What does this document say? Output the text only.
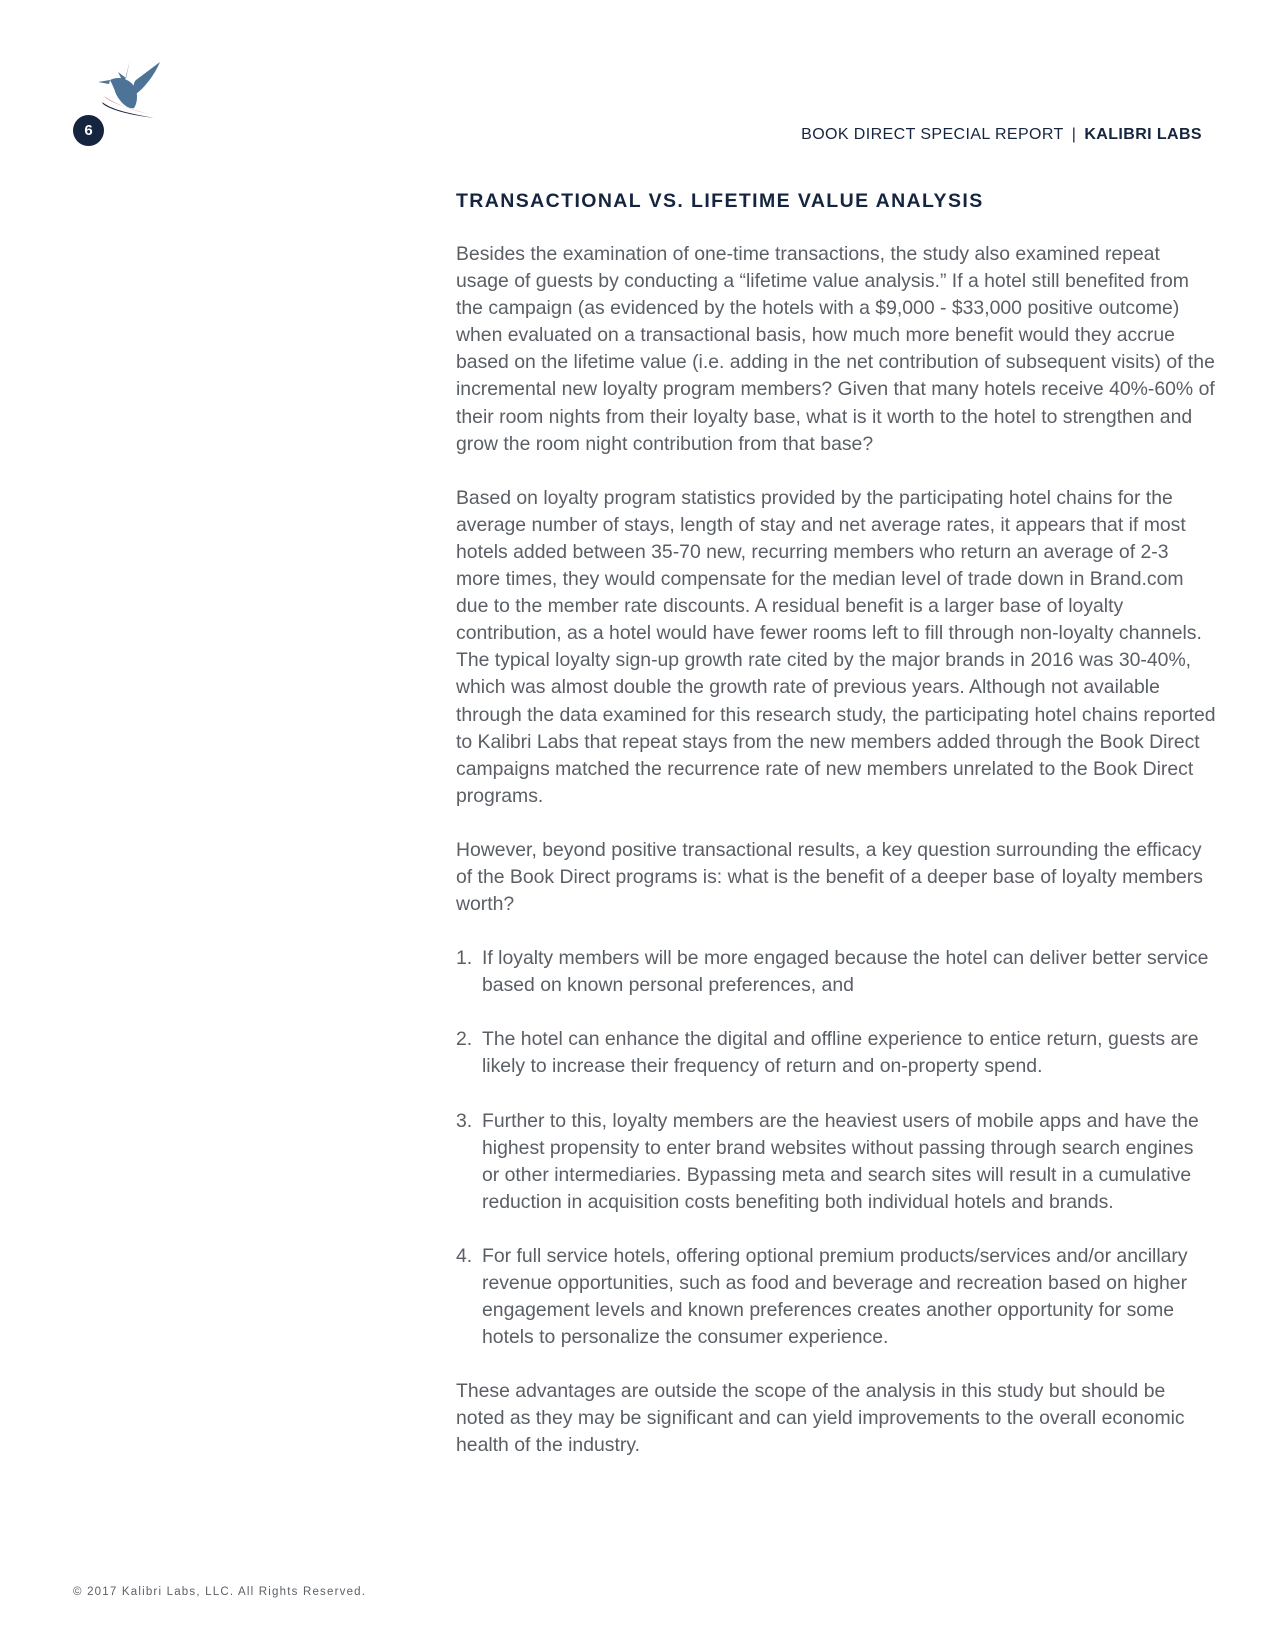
6	BOOK DIRECT SPECIAL REPORT | KALIBRI LABS
TRANSACTIONAL VS. LIFETIME VALUE ANALYSIS

Besides the examination of one-time transactions, the study also examined repeat usage of guests by conducting a “lifetime value analysis.” If a hotel still benefited from the campaign (as evidenced by the hotels with a $9,000 - $33,000 positive outcome) when evaluated on a transactional basis, how much more benefit would they accrue based on the lifetime value (i.e. adding in the net contribution of subsequent visits) of the incremental new loyalty program members? Given that many hotels receive 40%-60% of their room nights from their loyalty base, what is it worth to the hotel to strengthen and grow the room night contribution from that base?

Based on loyalty program statistics provided by the participating hotel chains for the average number of stays, length of stay and net average rates, it appears that if most hotels added between 35-70 new, recurring members who return an average of 2-3 more times, they would compensate for the median level of trade down in Brand.com due to the member rate discounts. A residual benefit is a larger base of loyalty contribution, as a hotel would have fewer rooms left to fill through non-loyalty channels. The typical loyalty sign-up growth rate cited by the major brands in 2016 was 30-40%, which was almost double the growth rate of previous years. Although not available through the data examined for this research study, the participating hotel chains reported to Kalibri Labs that repeat stays from the new members added through the Book Direct campaigns matched the recurrence rate of new members unrelated to the Book Direct programs.

However, beyond positive transactional results, a key question surrounding the efficacy of the Book Direct programs is: what is the benefit of a deeper base of loyalty members worth?

1. If loyalty members will be more engaged because the hotel can deliver better service based on known personal preferences, and
2. The hotel can enhance the digital and offline experience to entice return, guests are likely to increase their frequency of return and on-property spend.
3. Further to this, loyalty members are the heaviest users of mobile apps and have the highest propensity to enter brand websites without passing through search engines or other intermediaries. Bypassing meta and search sites will result in a cumulative reduction in acquisition costs benefiting both individual hotels and brands.
4. For full service hotels, offering optional premium products/services and/or ancillary revenue opportunities, such as food and beverage and recreation based on higher engagement levels and known preferences creates another opportunity for some hotels to personalize the consumer experience.

These advantages are outside the scope of the analysis in this study but should be noted as they may be significant and can yield improvements to the overall economic health of the industry.

© 2017 Kalibri Labs, LLC. All Rights Reserved.
